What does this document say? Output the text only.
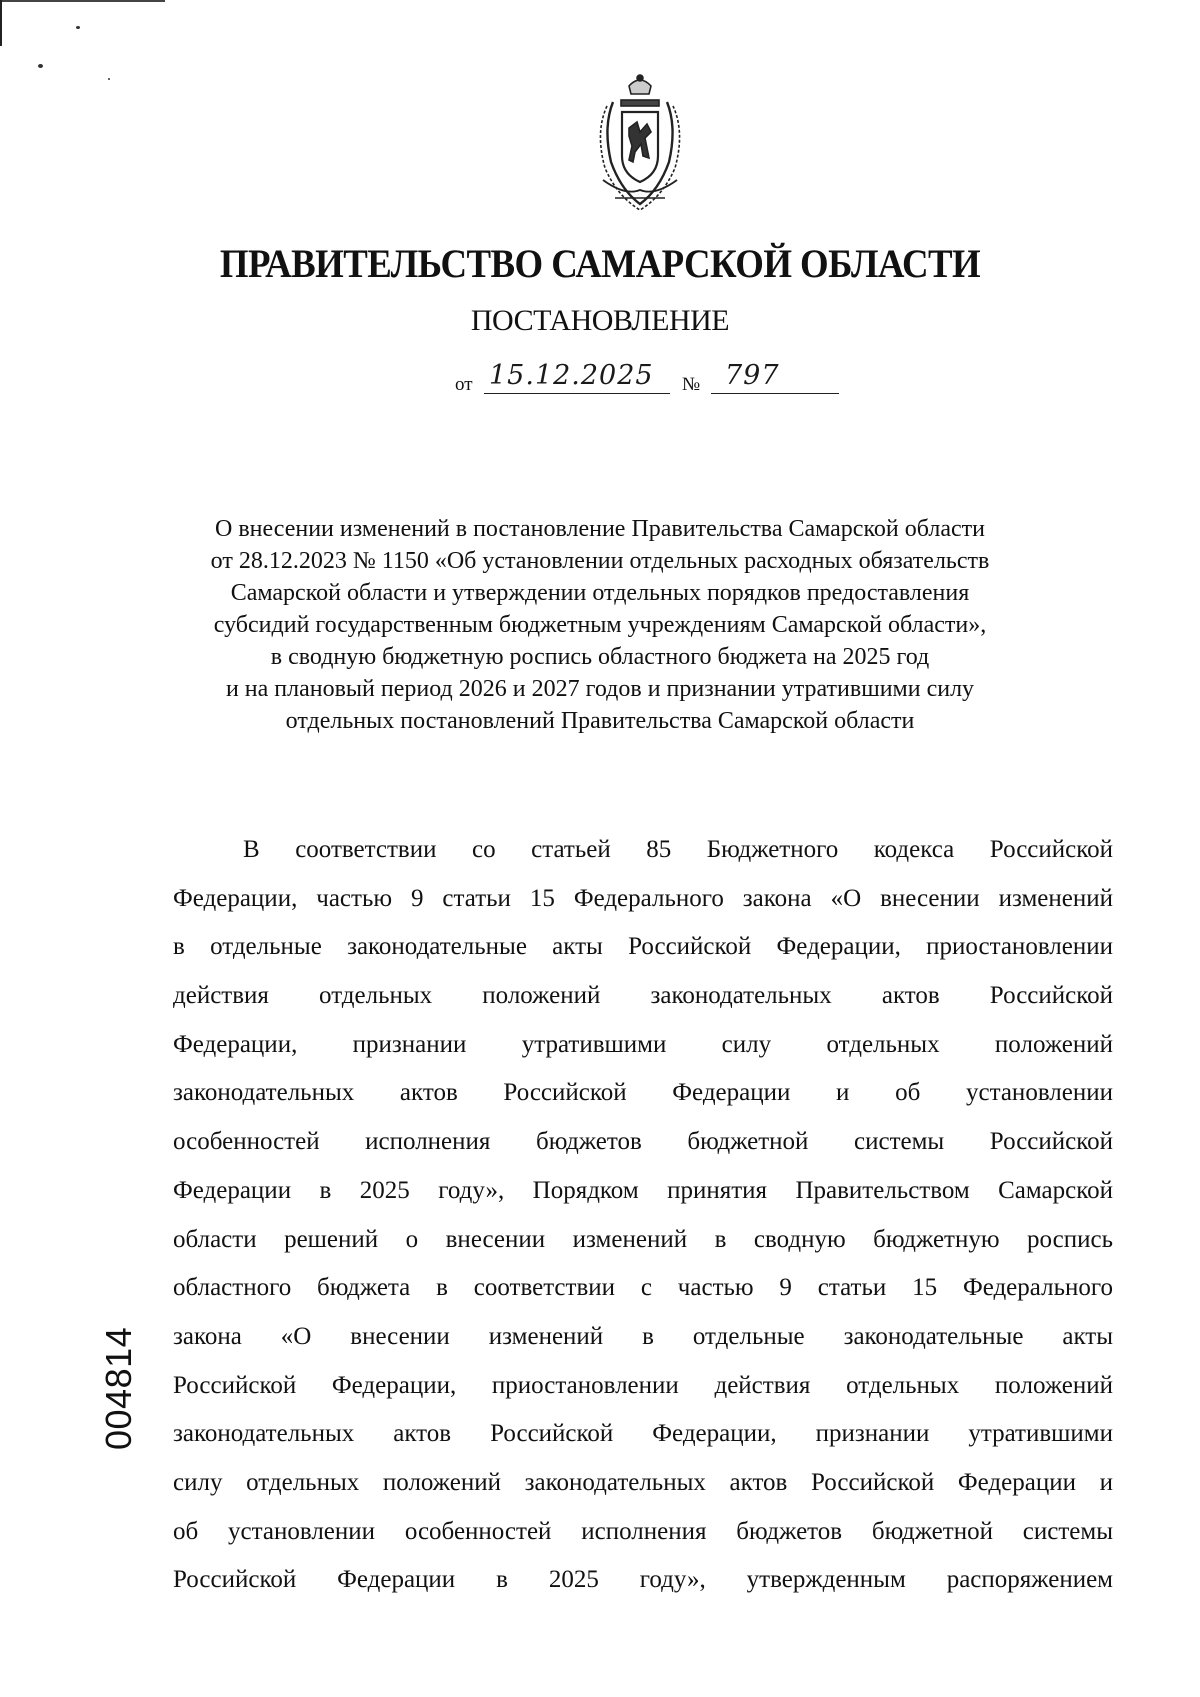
ПРАВИТЕЛЬСТВО САМАРСКОЙ ОБЛАСТИ
ПОСТАНОВЛЕНИЕ
от 15.12.2025 № 797
О внесении изменений в постановление Правительства Самарской области
от 28.12.2023 № 1150 «Об установлении отдельных расходных обязательств
Самарской области и утверждении отдельных порядков предоставления
субсидий государственным бюджетным учреждениям Самарской области»,
в сводную бюджетную роспись областного бюджета на 2025 год
и на плановый период 2026 и 2027 годов и признании утратившими силу
отдельных постановлений Правительства Самарской области
В соответствии со статьей 85 Бюджетного кодекса Российской
Федерации, частью 9 статьи 15 Федерального закона «О внесении изменений
в отдельные законодательные акты Российской Федерации, приостановлении
действия отдельных положений законодательных актов Российской
Федерации, признании утратившими силу отдельных положений
законодательных актов Российской Федерации и об установлении
особенностей исполнения бюджетов бюджетной системы Российской
Федерации в 2025 году», Порядком принятия Правительством Самарской
области решений о внесении изменений в сводную бюджетную роспись
областного бюджета в соответствии с частью 9 статьи 15 Федерального
закона «О внесении изменений в отдельные законодательные акты
Российской Федерации, приостановлении действия отдельных положений
законодательных актов Российской Федерации, признании утратившими
силу отдельных положений законодательных актов Российской Федерации и
об установлении особенностей исполнения бюджетов бюджетной системы
Российской Федерации в 2025 году», утвержденным распоряжением
004814
